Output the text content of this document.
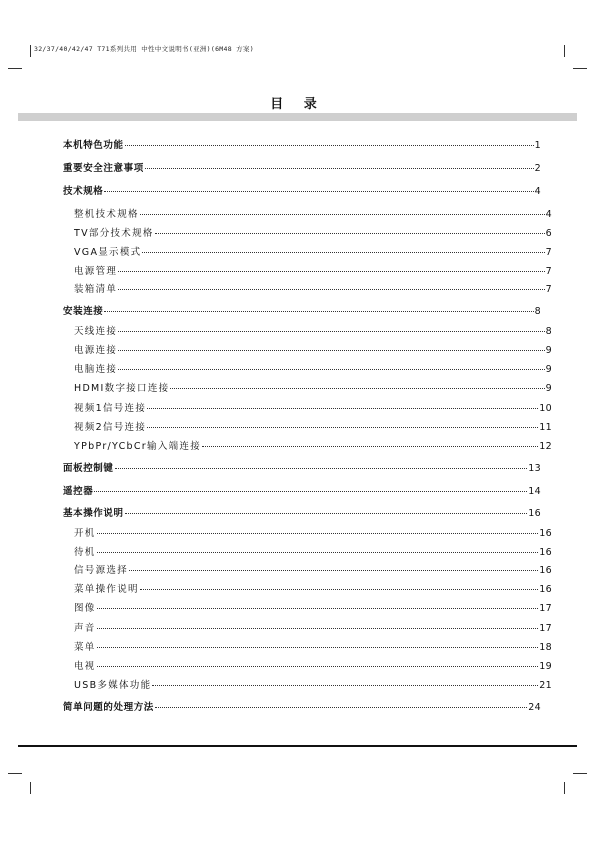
32/37/40/42/47 T71系列共用 中性中文说明书(亚洲)(6M48 方案)
目 录
本机特色功能	1
重要安全注意事项	2
技术规格	4
整机技术规格	4
TV部分技术规格	6
VGA显示模式	7
电源管理	7
装箱清单	7
安装连接	8
天线连接	8
电源连接	9
电脑连接	9
HDMI数字接口连接	9
视频1信号连接	10
视频2信号连接	11
YPbPr/YCbCr输入端连接	12
面板控制键	13
遥控器	14
基本操作说明	16
开机	16
待机	16
信号源选择	16
菜单操作说明	16
图像	17
声音	17
菜单	18
电视	19
USB多媒体功能	21
简单问题的处理方法	24
